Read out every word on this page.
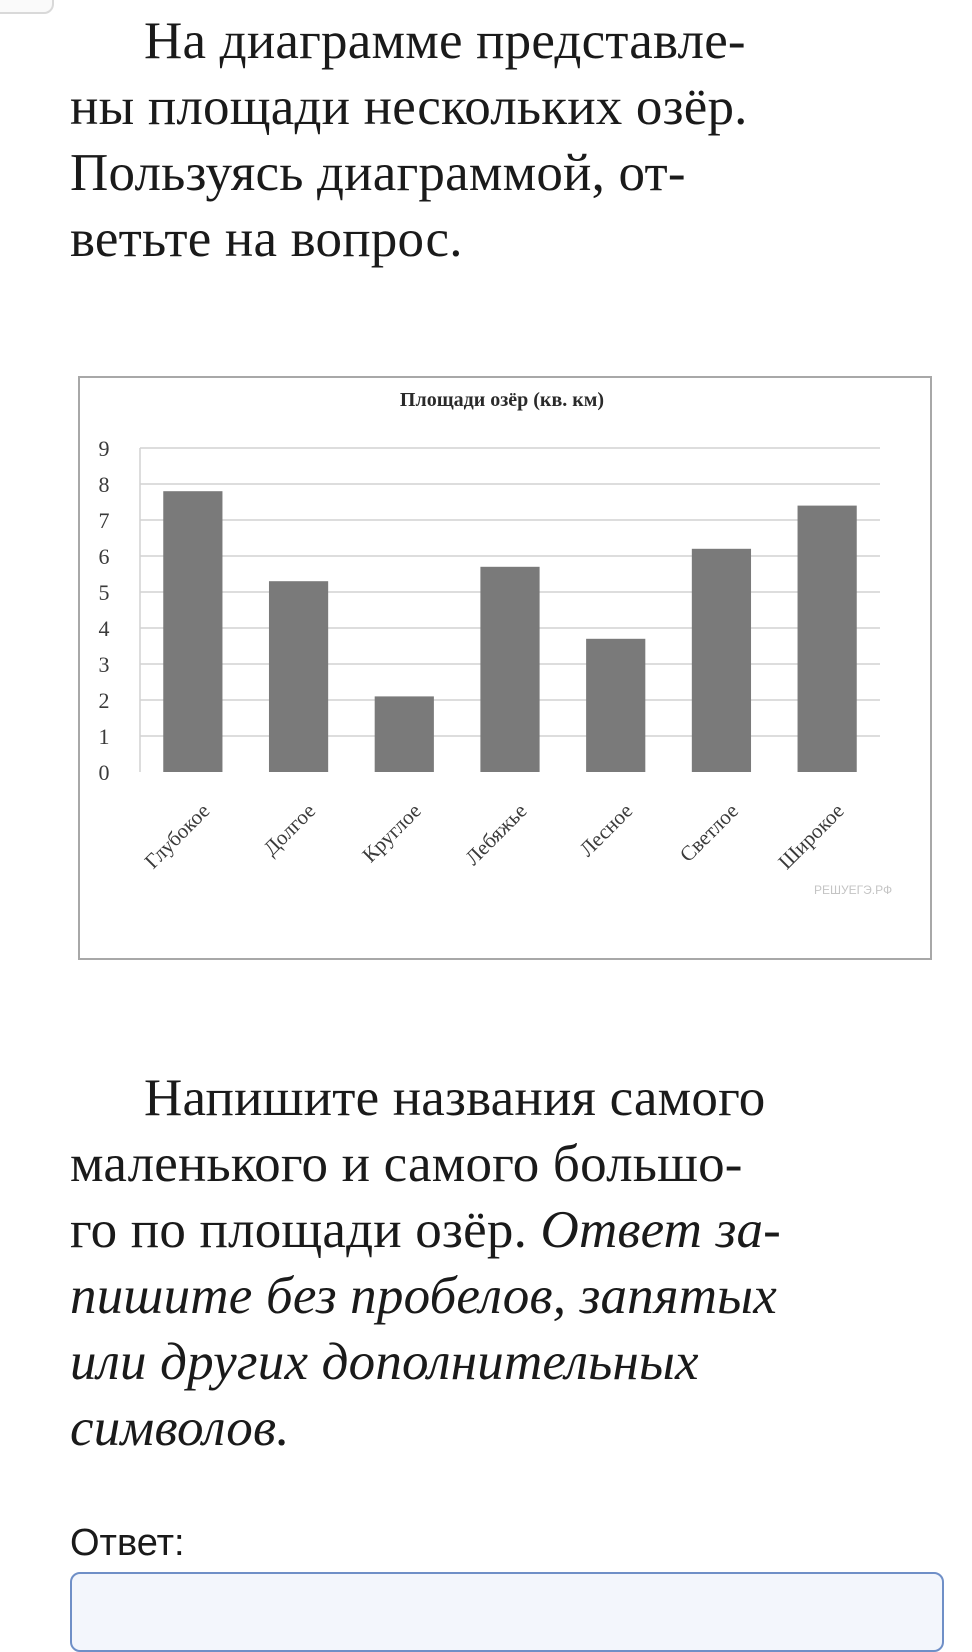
На диаграмме представле-
ны площади нескольких озёр.
Пользуясь диаграммой, от-
ветьте на вопрос.

Площади озёр (кв. км)
0
1
2
3
4
5
6
7
8
9
Глубокое Долгое Круглое Лебяжье Лесное Светлое Широкое
РЕШУЕГЭ.РФ

Напишите названия самого
маленького и самого большо-
го по площади озёр. Ответ за-
пишите без пробелов, запятых
или других дополнительных
символов.

Ответ:
